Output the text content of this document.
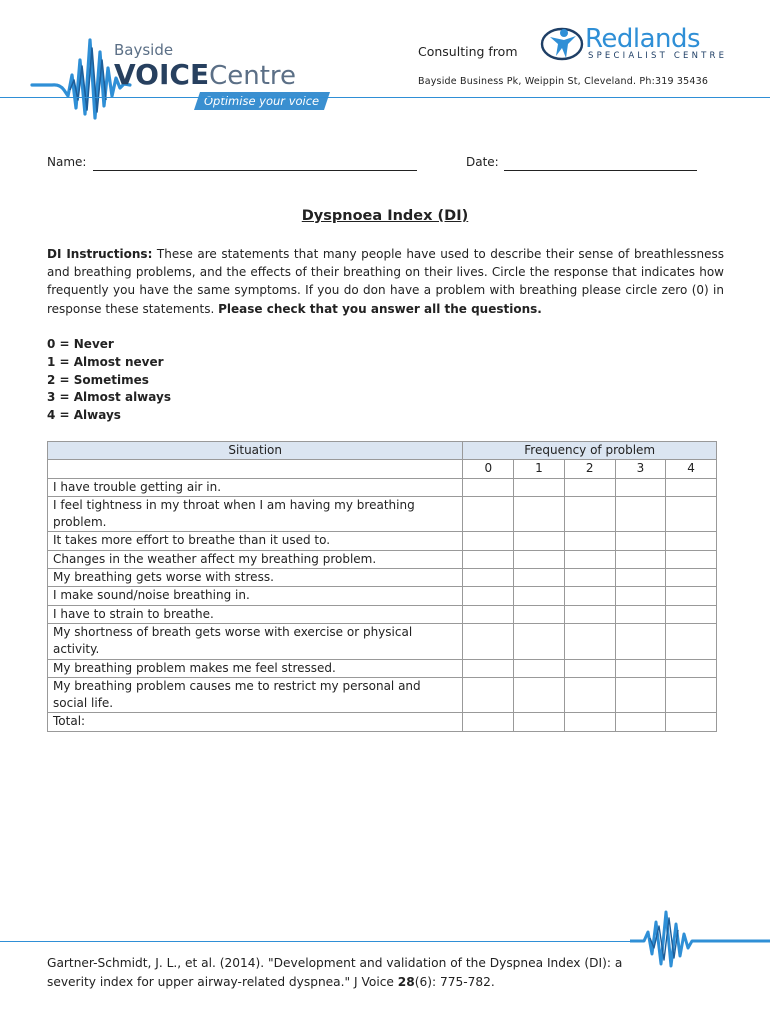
Bayside
VOICECentre
Optimise your voice
Consulting from	Redlands
SPECIALIST CENTRE
Bayside Business Pk, Weippin St, Cleveland. Ph:319 35436
Name:	Date:
Dyspnoea Index (DI)
DI Instructions: These are statements that many people have used to describe their sense of breathlessness and breathing problems, and the effects of their breathing on their lives. Circle the response that indicates how frequently you have the same symptoms. If you do don have a problem with breathing please circle zero (0) in response these statements. Please check that you answer all the questions.
0 = Never
1 = Almost never
2 = Sometimes
3 = Almost always
4 = Always
Situation	Frequency of problem				
	0	1	2	3	4
I have trouble getting air in.					
I feel tightness in my throat when I am having my breathing problem.					
It takes more effort to breathe than it used to.					
Changes in the weather affect my breathing problem.					
My breathing gets worse with stress.					
I make sound/noise breathing in.					
I have to strain to breathe.					
My shortness of breath gets worse with exercise or physical activity.					
My breathing problem makes me feel stressed.					
My breathing problem causes me to restrict my personal and social life.					
Total:					
Gartner-Schmidt, J. L., et al. (2014). "Development and validation of the Dyspnea Index (DI): a severity index for upper airway-related dyspnea." J Voice 28(6): 775-782.
